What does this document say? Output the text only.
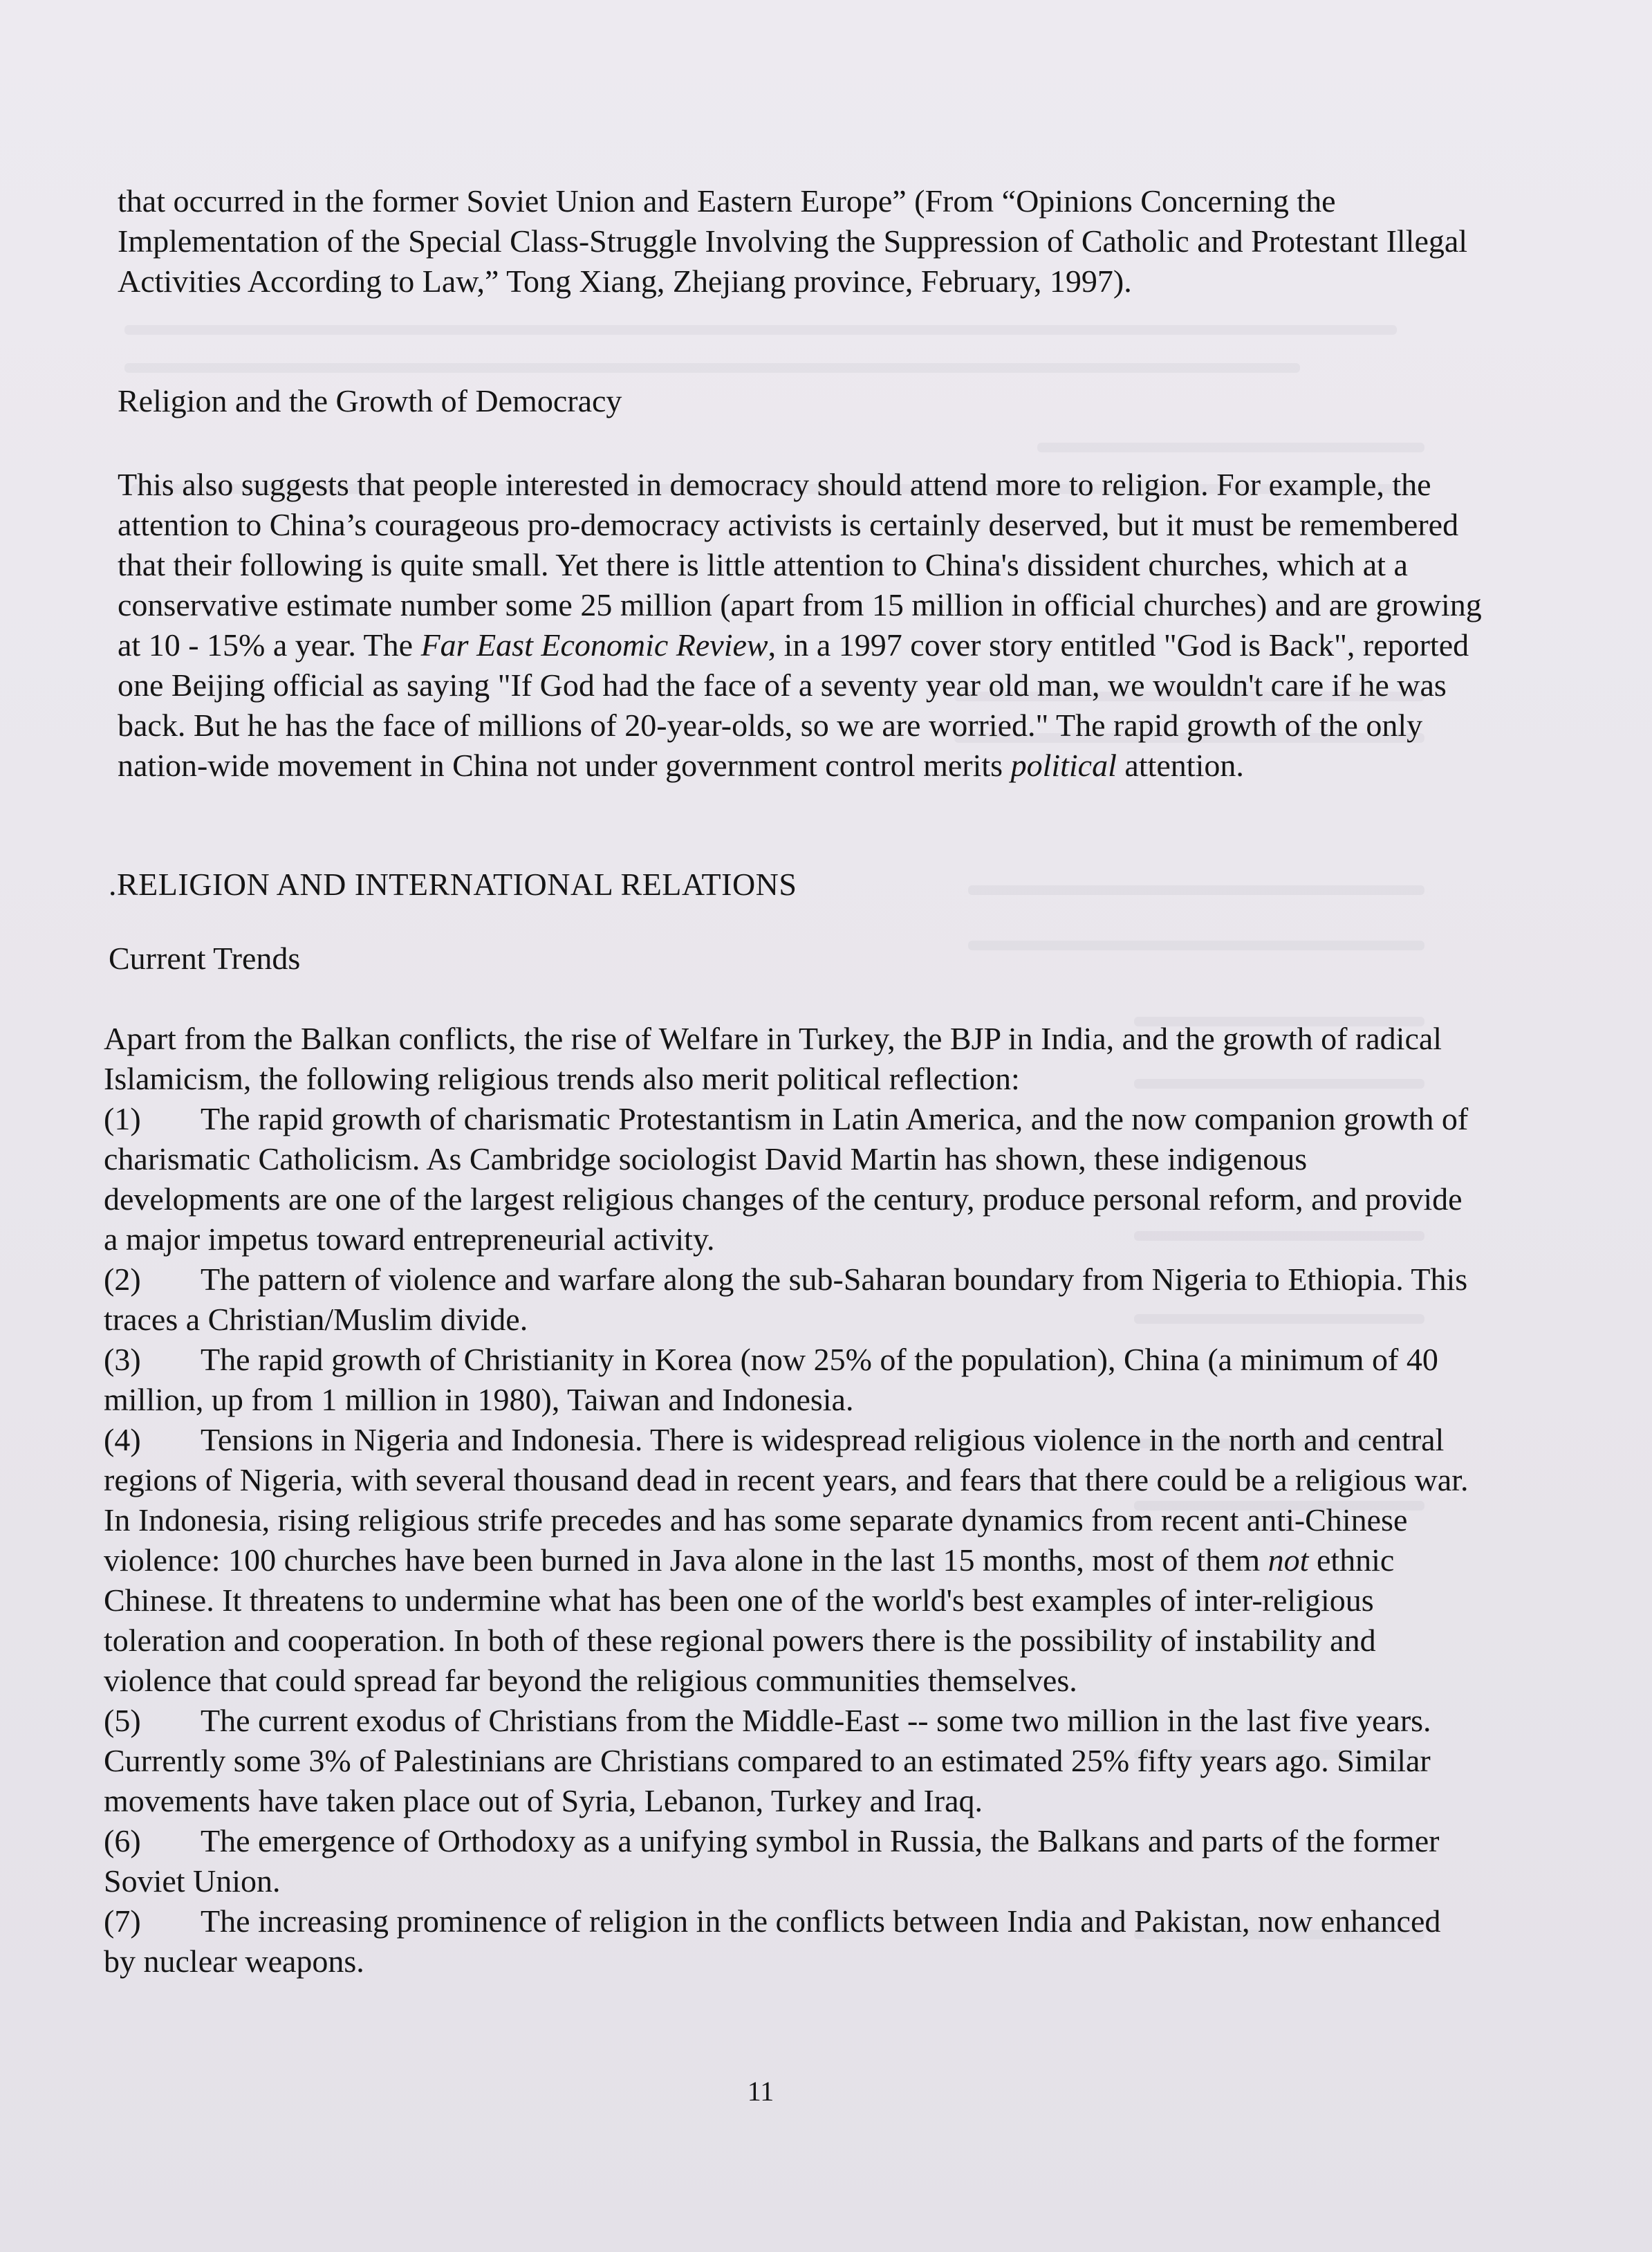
that occurred in the former Soviet Union and Eastern Europe” (From “Opinions Concerning the Implementation of the Special Class-Struggle Involving the Suppression of Catholic and Protestant Illegal Activities According to Law,” Tong Xiang, Zhejiang province, February, 1997).

Religion and the Growth of Democracy

This also suggests that people interested in democracy should attend more to religion. For example, the attention to China’s courageous pro-democracy activists is certainly deserved, but it must be remembered that their following is quite small. Yet there is little attention to China's dissident churches, which at a conservative estimate number some 25 million (apart from 15 million in official churches) and are growing at 10 - 15% a year. The Far East Economic Review, in a 1997 cover story entitled "God is Back", reported one Beijing official as saying "If God had the face of a seventy year old man, we wouldn't care if he was back. But he has the face of millions of 20-year-olds, so we are worried." The rapid growth of the only nation-wide movement in China not under government control merits political attention.

.RELIGION AND INTERNATIONAL RELATIONS
Current Trends

Apart from the Balkan conflicts, the rise of Welfare in Turkey, the BJP in India, and the growth of radical Islamicism, the following religious trends also merit political reflection:

(1) The rapid growth of charismatic Protestantism in Latin America, and the now companion growth of charismatic Catholicism. As Cambridge sociologist David Martin has shown, these indigenous developments are one of the largest religious changes of the century, produce personal reform, and provide a major impetus toward entrepreneurial activity.

(2) The pattern of violence and warfare along the sub-Saharan boundary from Nigeria to Ethiopia. This traces a Christian/Muslim divide.

(3) The rapid growth of Christianity in Korea (now 25% of the population), China (a minimum of 40 million, up from 1 million in 1980), Taiwan and Indonesia.

(4) Tensions in Nigeria and Indonesia. There is widespread religious violence in the north and central regions of Nigeria, with several thousand dead in recent years, and fears that there could be a religious war. In Indonesia, rising religious strife precedes and has some separate dynamics from recent anti-Chinese violence: 100 churches have been burned in Java alone in the last 15 months, most of them not ethnic Chinese. It threatens to undermine what has been one of the world's best examples of inter-religious toleration and cooperation. In both of these regional powers there is the possibility of instability and violence that could spread far beyond the religious communities themselves.

(5) The current exodus of Christians from the Middle-East -- some two million in the last five years. Currently some 3% of Palestinians are Christians compared to an estimated 25% fifty years ago. Similar movements have taken place out of Syria, Lebanon, Turkey and Iraq.

(6) The emergence of Orthodoxy as a unifying symbol in Russia, the Balkans and parts of the former Soviet Union.

(7) The increasing prominence of religion in the conflicts between India and Pakistan, now enhanced by nuclear weapons.

11
